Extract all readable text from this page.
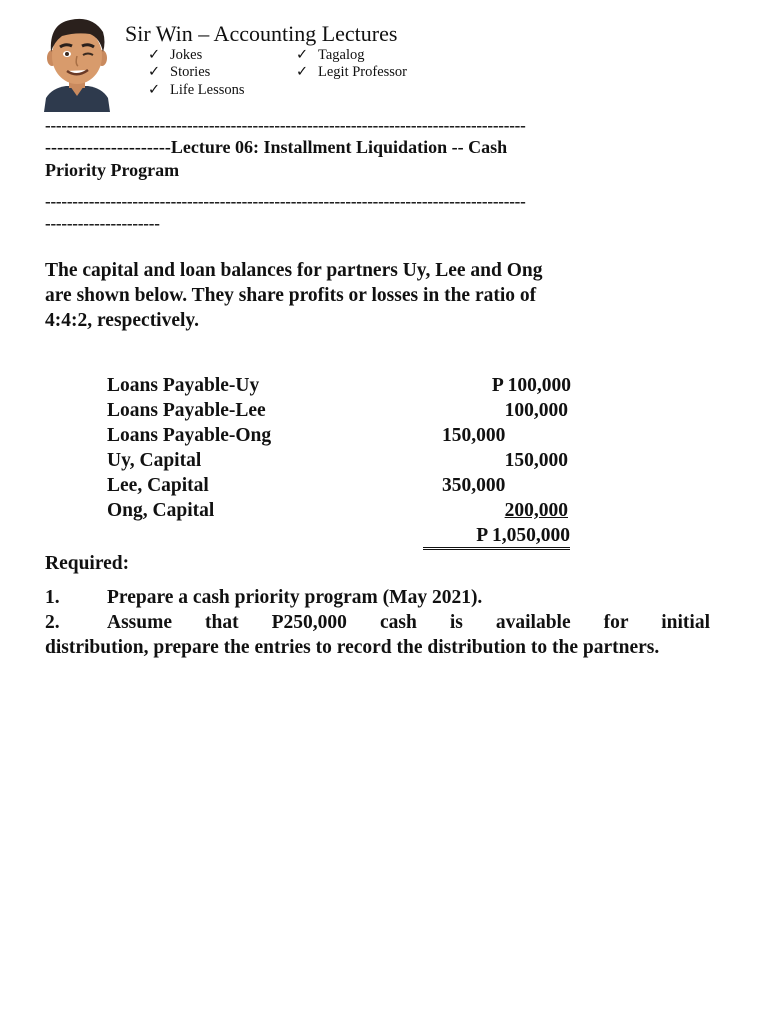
Sir Win – Accounting Lectures
✓ Jokes
✓ Stories
✓ Life Lessons
✓ Tagalog
✓ Legit Professor
----------------------------------------------------------------------------------------
---------------------Lecture 06: Installment Liquidation -- Cash
Priority Program
----------------------------------------------------------------------------------------
---------------------
The capital and loan balances for partners Uy, Lee and Ong
are shown below. They share profits or losses in the ratio of
4:4:2, respectively.
Loans Payable-Uy	P 100,000
Loans Payable-Lee	100,000
Loans Payable-Ong	150,000
Uy, Capital	150,000
Lee, Capital	350,000
Ong, Capital	200,000
P 1,050,000
Required:
1. Prepare a cash priority program (May 2021).
2. Assume that P250,000 cash is available for initial
distribution, prepare the entries to record the distribution to the partners.
